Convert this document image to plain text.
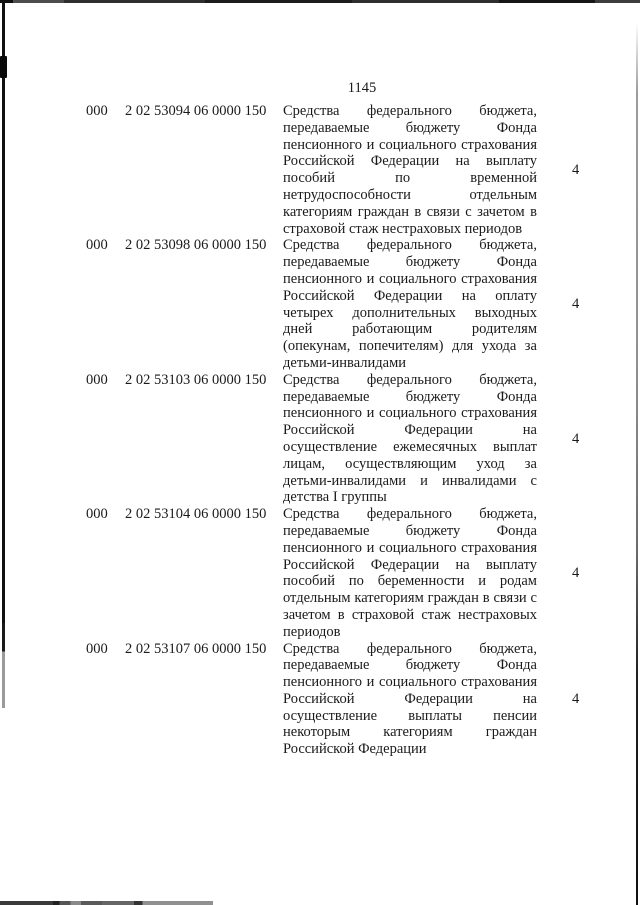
1145
000	2 02 53094 06 0000 150	Средства федерального бюджета,
передаваемые	бюджету	Фонда
пенсионного и социального страхования
Российской Федерации на выплату
пособий	по	временной
нетрудоспособности	отдельным
категориям граждан в связи с зачетом в
страховой стаж нестраховых периодов
4
000	2 02 53098 06 0000 150	Средства федерального бюджета,
передаваемые	бюджету	Фонда
пенсионного и социального страхования
Российской Федерации на оплату
четырех дополнительных выходных
дней	работающим	родителям
(опекунам, попечителям) для ухода за
детьми-инвалидами
4
000	2 02 53103 06 0000 150	Средства федерального бюджета,
передаваемые	бюджету	Фонда
пенсионного и социального страхования
Российской	Федерации	на
осуществление ежемесячных выплат
лицам, осуществляющим уход за
детьми-инвалидами и инвалидами с
детства I группы
4
000	2 02 53104 06 0000 150	Средства федерального бюджета,
передаваемые	бюджету	Фонда
пенсионного и социального страхования
Российской Федерации на выплату
пособий по беременности и родам
отдельным категориям граждан в связи с
зачетом в страховой стаж нестраховых
периодов
4
000	2 02 53107 06 0000 150	Средства федерального бюджета,
передаваемые	бюджету	Фонда
пенсионного и социального страхования
Российской	Федерации	на
осуществление выплаты пенсии
некоторым категориям граждан
Российской Федерации
4
